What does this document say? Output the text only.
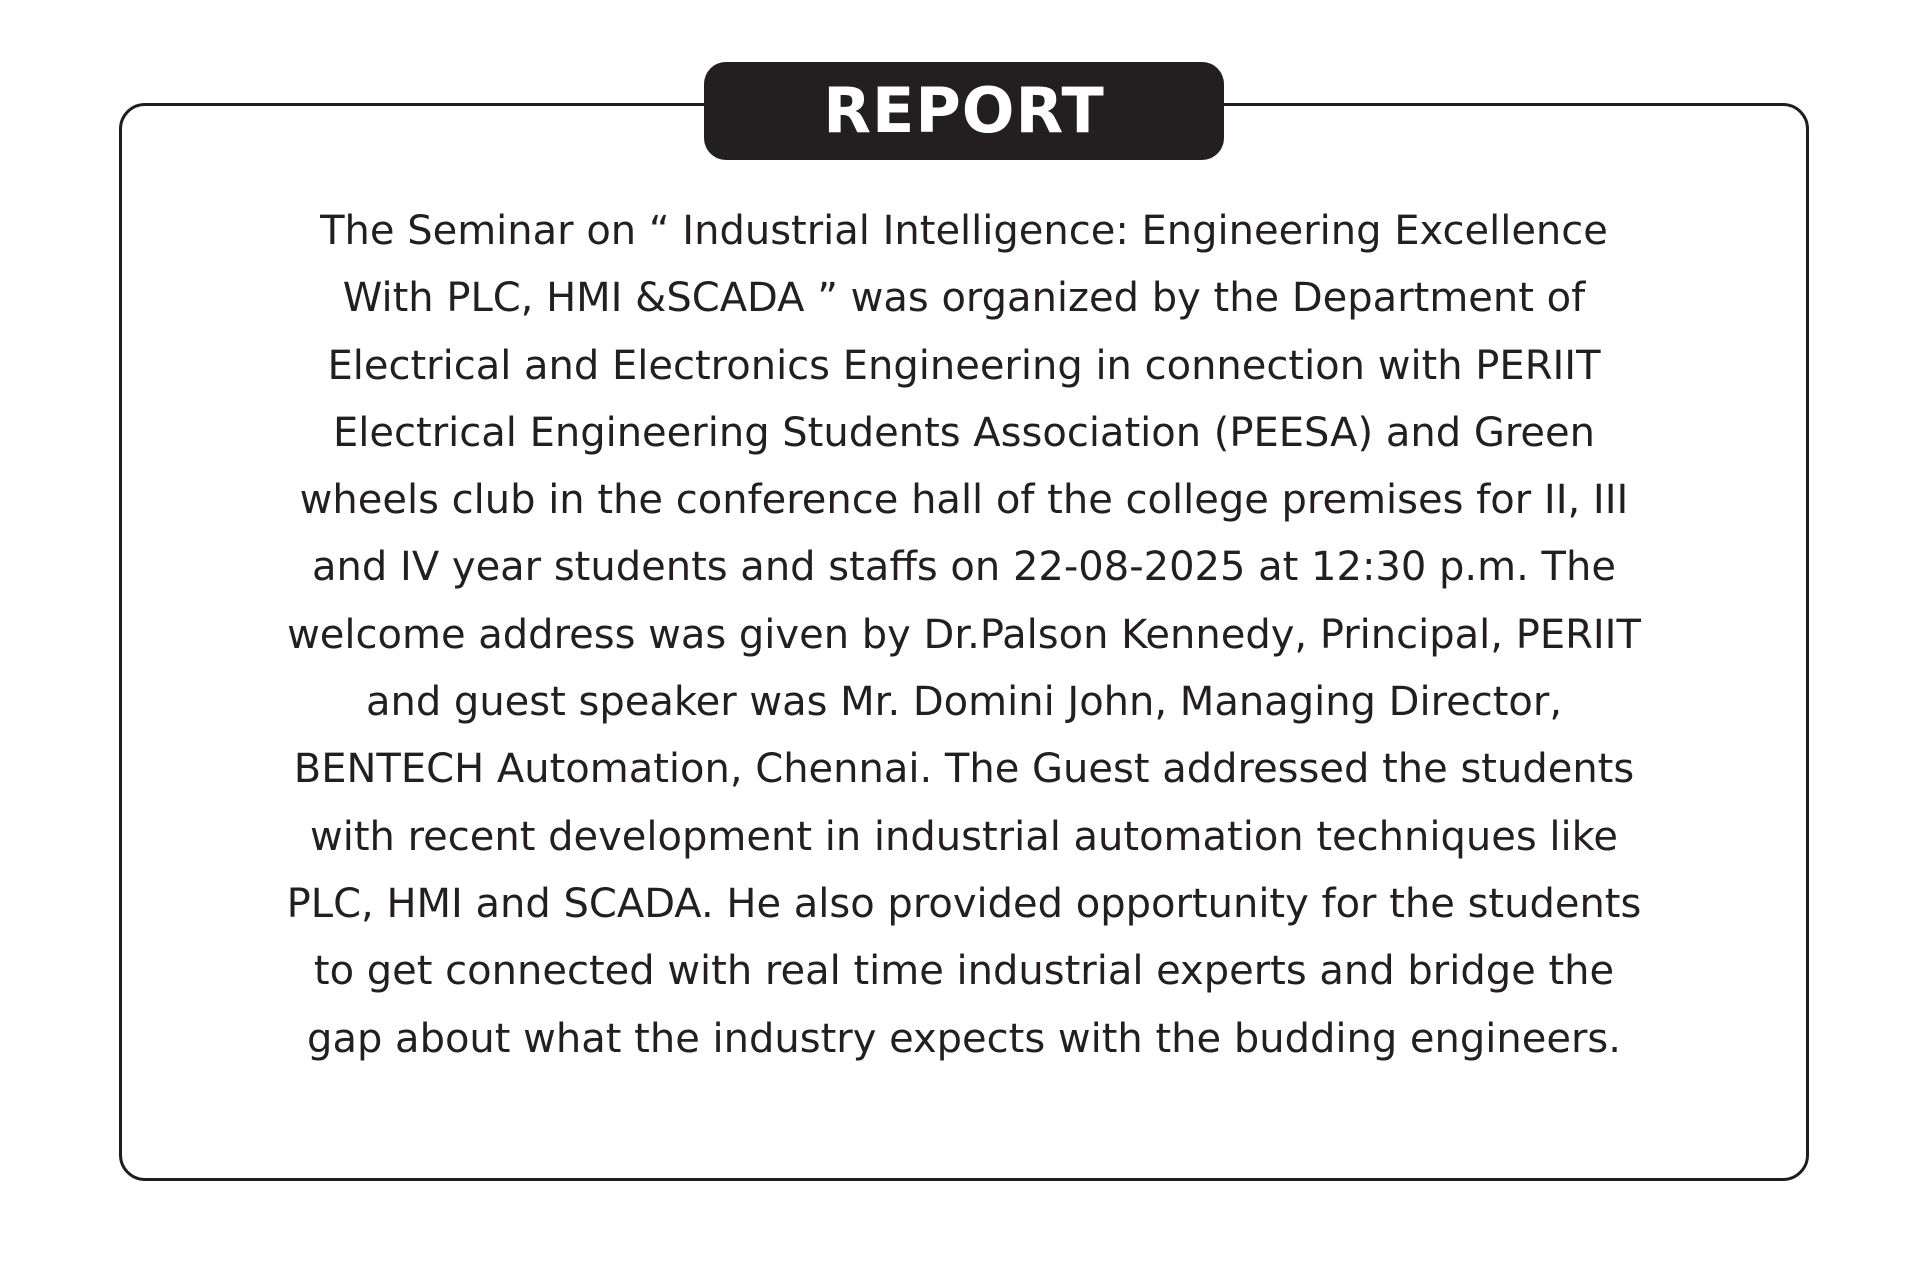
REPORT

The Seminar on “ Industrial Intelligence: Engineering Excellence
With PLC, HMI &SCADA ” was organized by the Department of
Electrical and Electronics Engineering in connection with PERIIT
Electrical Engineering Students Association (PEESA) and Green
wheels club in the conference hall of the college premises for II, III
and IV year students and staffs on 22-08-2025 at 12:30 p.m. The
welcome address was given by Dr.Palson Kennedy, Principal, PERIIT
and guest speaker was Mr. Domini John, Managing Director,
BENTECH Automation, Chennai. The Guest addressed the students
with recent development in industrial automation techniques like
PLC, HMI and SCADA. He also provided opportunity for the students
to get connected with real time industrial experts and bridge the
gap about what the industry expects with the budding engineers.
